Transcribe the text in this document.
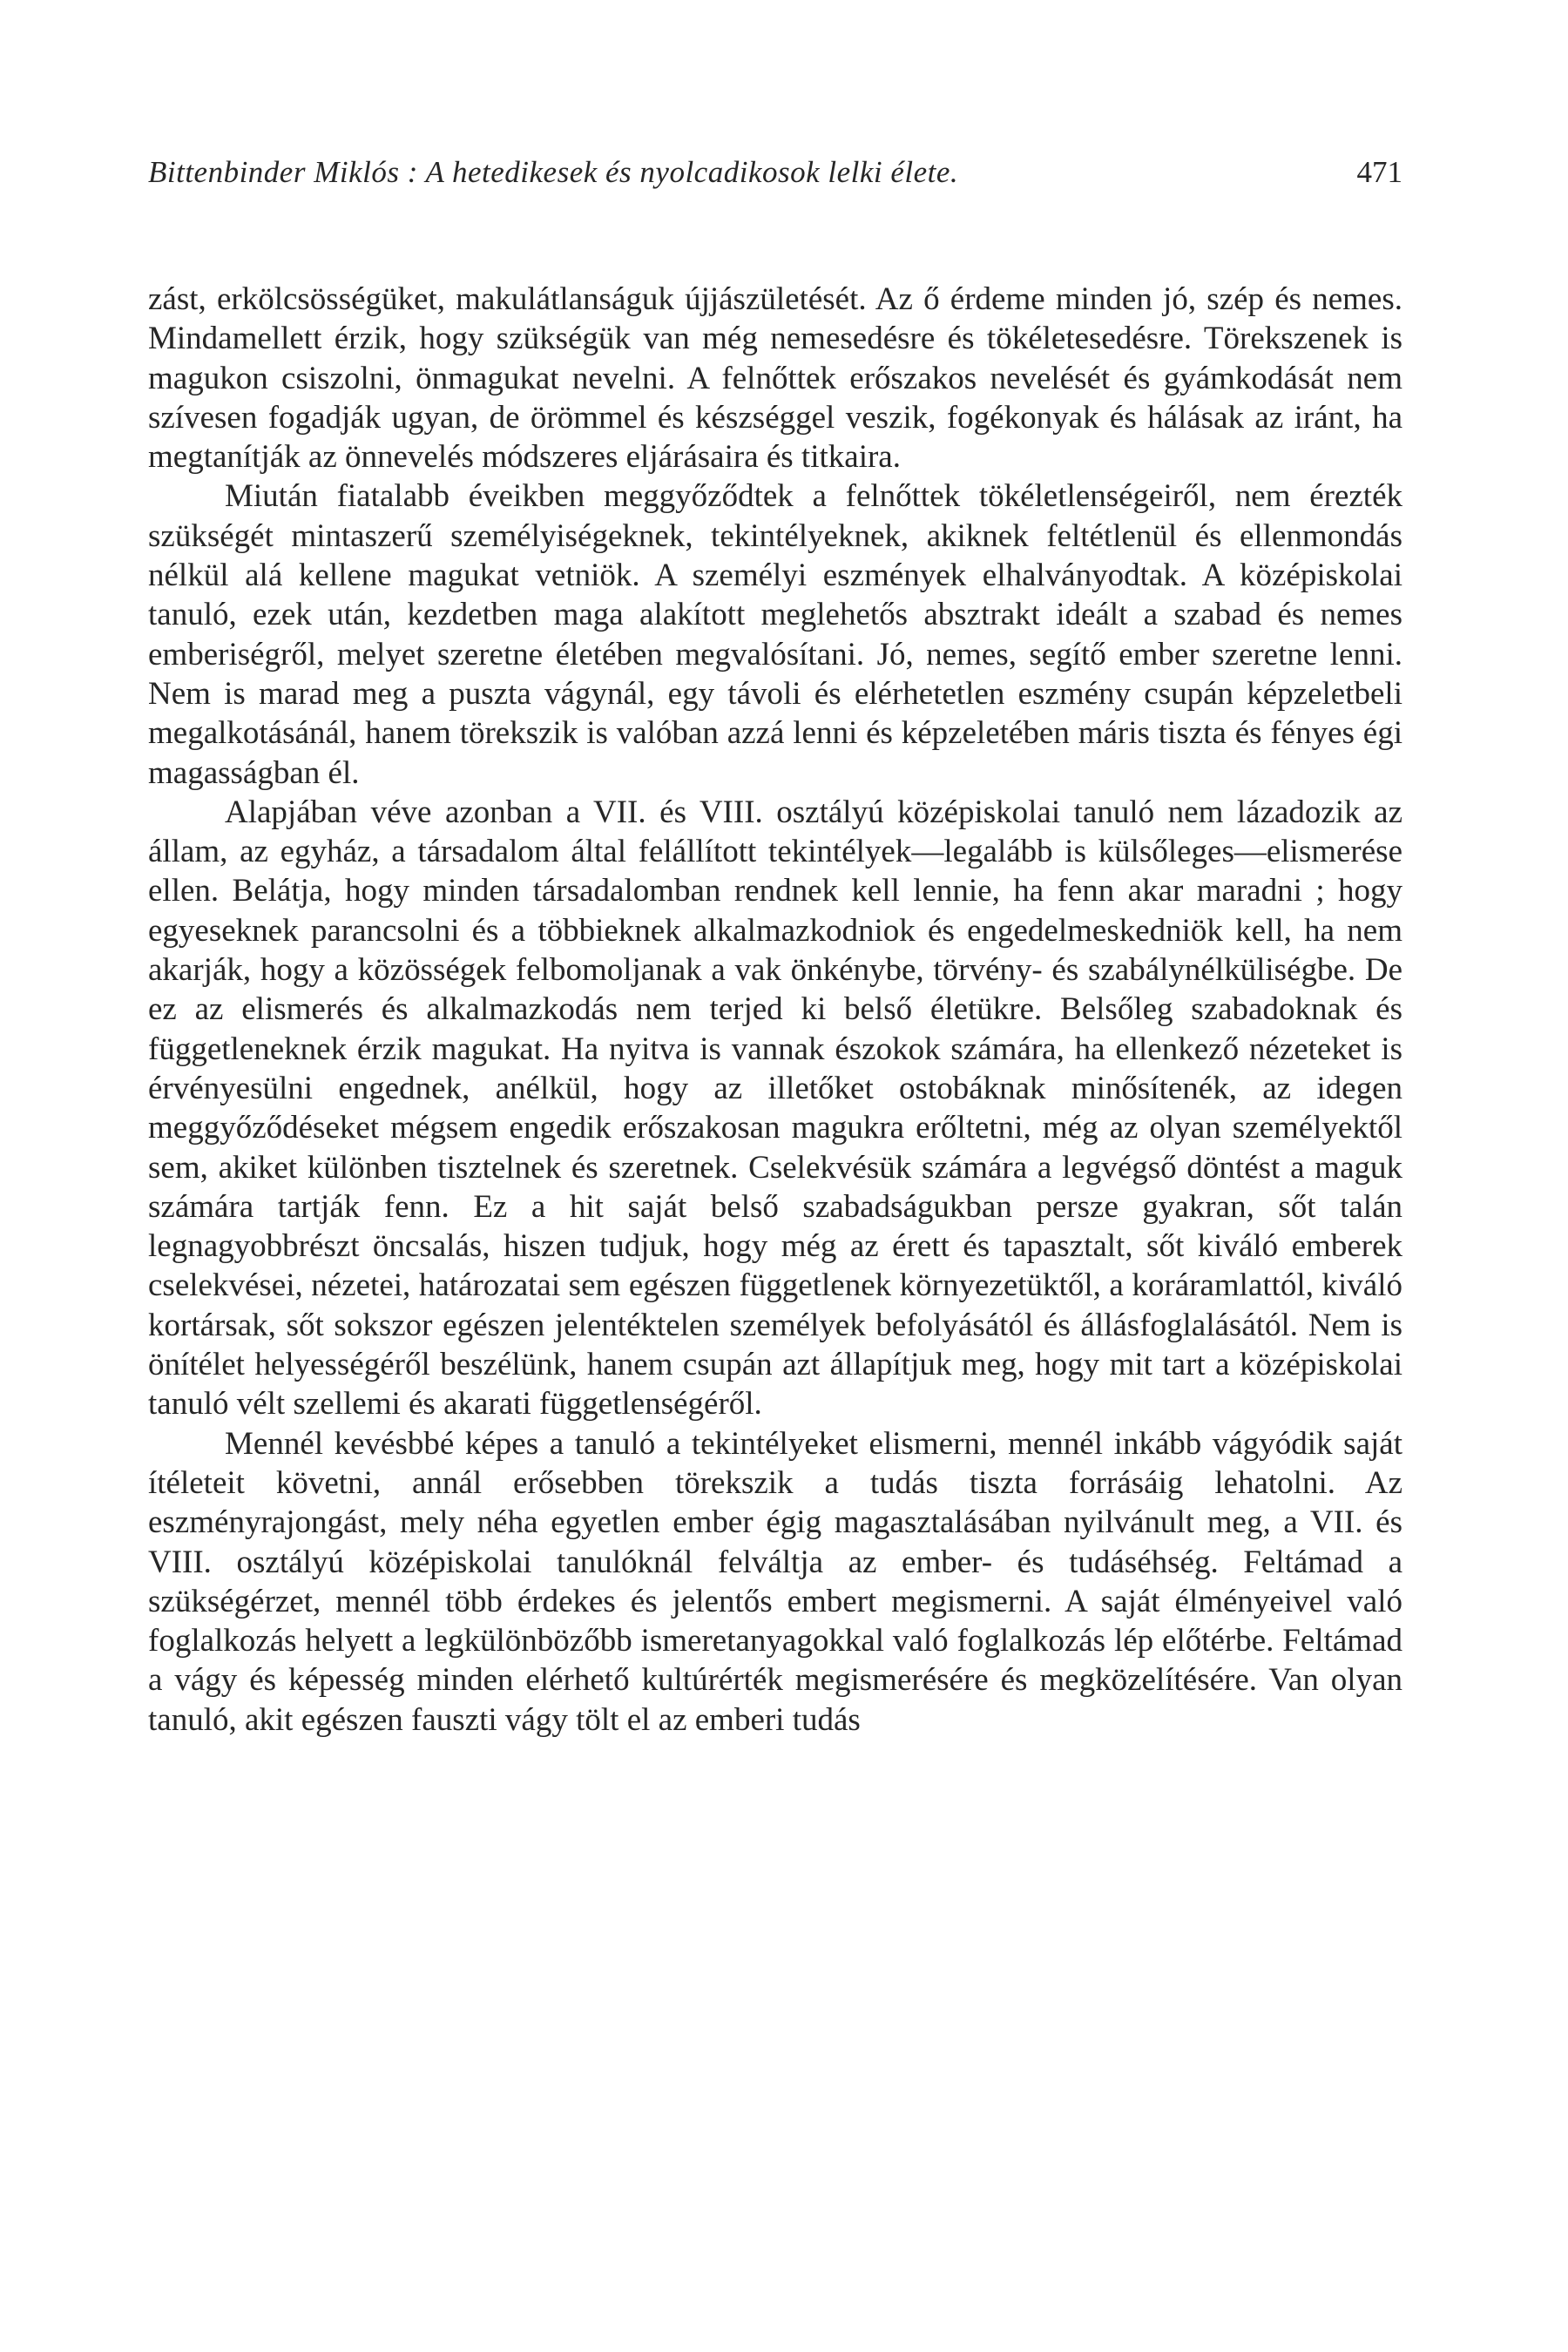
Bittenbinder Miklós : A hetedikesek és nyolcadikosok lelki élete.	471

zást, erkölcsösségüket, makulátlanságuk újjászületését. Az ő érdeme minden jó, szép és nemes. Mindamellett érzik, hogy szükségük van még nemesedésre és tökéletesedésre. Törekszenek is magukon csiszolni, önmagukat nevelni. A felnőttek erőszakos nevelését és gyámkodását nem szívesen fogadják ugyan, de örömmel és készséggel veszik, fogékonyak és hálásak az iránt, ha megtanítják az önnevelés módszeres eljárásaira és titkaira.

Miután fiatalabb éveikben meggyőződtek a felnőttek tökéletlenségeiről, nem érezték szükségét mintaszerű személyiségeknek, tekintélyeknek, akiknek feltétlenül és ellenmondás nélkül alá kellene magukat vetniök. A személyi eszmények elhalványodtak. A középiskolai tanuló, ezek után, kezdetben maga alakított meglehetős absztrakt ideált a szabad és nemes emberiségről, melyet szeretne életében megvalósítani. Jó, nemes, segítő ember szeretne lenni. Nem is marad meg a puszta vágynál, egy távoli és elérhetetlen eszmény csupán képzeletbeli megalkotásánál, hanem törekszik is valóban azzá lenni és képzeletében máris tiszta és fényes égi magasságban él.

Alapjában véve azonban a VII. és VIII. osztályú középiskolai tanuló nem lázadozik az állam, az egyház, a társadalom által felállított tekintélyek—legalább is külsőleges—elismerése ellen. Belátja, hogy minden társadalomban rendnek kell lennie, ha fenn akar maradni ; hogy egyeseknek parancsolni és a többieknek alkalmazkodniok és engedelmeskedniök kell, ha nem akarják, hogy a közösségek felbomoljanak a vak önkénybe, törvény- és szabálynélküliségbe. De ez az elismerés és alkalmazkodás nem terjed ki belső életükre. Belsőleg szabadoknak és függetleneknek érzik magukat. Ha nyitva is vannak észokok számára, ha ellenkező nézeteket is érvényesülni engednek, anélkül, hogy az illetőket ostobáknak minősítenék, az idegen meggyőződéseket mégsem engedik erőszakosan magukra erőltetni, még az olyan személyektől sem, akiket különben tisztelnek és szeretnek. Cselekvésük számára a legvégső döntést a maguk számára tartják fenn. Ez a hit saját belső szabadságukban persze gyakran, sőt talán legnagyobbrészt öncsalás, hiszen tudjuk, hogy még az érett és tapasztalt, sőt kiváló emberek cselekvései, nézetei, határozatai sem egészen függetlenek környezetüktől, a koráramlattól, kiváló kortársak, sőt sokszor egészen jelentéktelen személyek befolyásától és állásfoglalásától. Nem is önítélet helyességéről beszélünk, hanem csupán azt állapítjuk meg, hogy mit tart a középiskolai tanuló vélt szellemi és akarati függetlenségéről.

Mennél kevésbbé képes a tanuló a tekintélyeket elismerni, mennél inkább vágyódik saját ítéleteit követni, annál erősebben törekszik a tudás tiszta forrásáig lehatolni. Az eszményrajongást, mely néha egyetlen ember égig magasztalásában nyilvánult meg, a VII. és VIII. osztályú középiskolai tanulóknál felváltja az ember- és tudáséhség. Feltámad a szükségérzet, mennél több érdekes és jelentős embert megismerni. A saját élményeivel való foglalkozás helyett a legkülönbözőbb ismeretanyagokkal való foglalkozás lép előtérbe. Feltámad a vágy és képesség minden elérhető kultúrérték megismerésére és megközelítésére. Van olyan tanuló, akit egészen fauszti vágy tölt el az emberi tudás
